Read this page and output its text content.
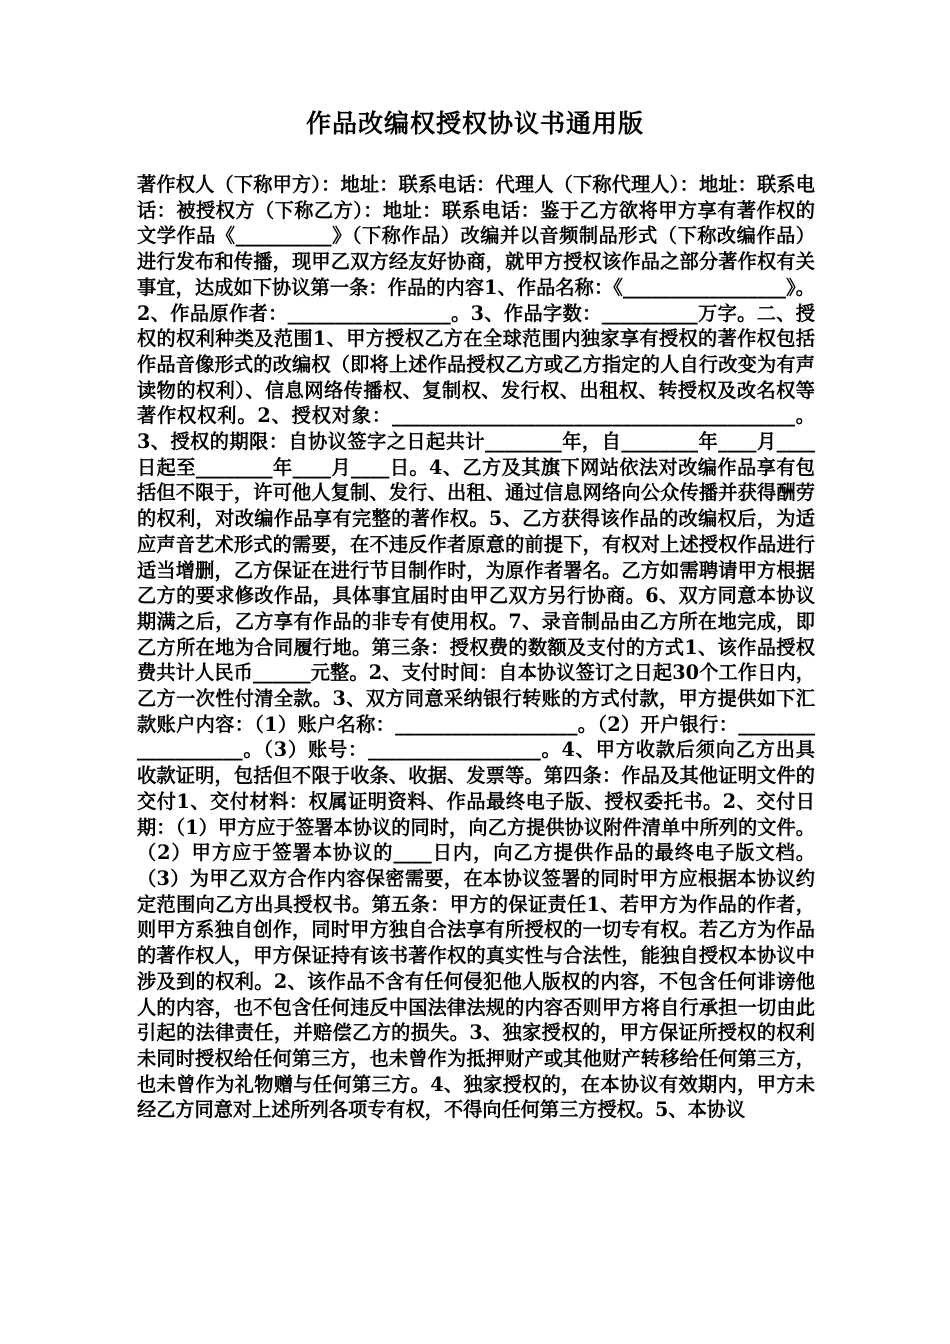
作品改编权授权协议书通用版

著作权人（下称甲方）：地址：联系电话：代理人（下称代理人）：地址：联系电话：被授权方（下称乙方）：地址：联系电话：鉴于乙方欲将甲方享有著作权的文学作品《__________》（下称作品）改编并以音频制品形式（下称改编作品）进行发布和传播，现甲乙双方经友好协商，就甲方授权该作品之部分著作权有关事宜，达成如下协议第一条：作品的内容1、作品名称：《_________________》。2、作品原作者：_________________。3、作品字数：__________万字。二、授权的权利种类及范围1、甲方授权乙方在全球范围内独家享有授权的著作权包括作品音像形式的改编权（即将上述作品授权乙方或乙方指定的人自行改变为有声读物的权利）、信息网络传播权、复制权、发行权、出租权、转授权及改名权等著作权权利。2、授权对象：__________________________________________。3、授权的期限：自协议签字之日起共计________年，自________年____月____日起至________年____月____日。4、乙方及其旗下网站依法对改编作品享有包括但不限于，许可他人复制、发行、出租、通过信息网络向公众传播并获得酬劳的权利，对改编作品享有完整的著作权。5、乙方获得该作品的改编权后，为适应声音艺术形式的需要，在不违反作者原意的前提下，有权对上述授权作品进行适当增删，乙方保证在进行节目制作时，为原作者署名。乙方如需聘请甲方根据乙方的要求修改作品，具体事宜届时由甲乙双方另行协商。6、双方同意本协议期满之后，乙方享有作品的非专有使用权。7、录音制品由乙方所在地完成，即乙方所在地为合同履行地。第三条：授权费的数额及支付的方式1、该作品授权费共计人民币______元整。2、支付时间：自本协议签订之日起30个工作日内，乙方一次性付清全款。3、双方同意采纳银行转账的方式付款，甲方提供如下汇款账户内容：（1）账户名称：___________________。（2）开户银行：___________________。（3）账号：__________________。4、甲方收款后须向乙方出具收款证明，包括但不限于收条、收据、发票等。第四条：作品及其他证明文件的交付1、交付材料：权属证明资料、作品最终电子版、授权委托书。2、交付日期：（1）甲方应于签署本协议的同时，向乙方提供协议附件清单中所列的文件。（2）甲方应于签署本协议的____日内，向乙方提供作品的最终电子版文档。（3）为甲乙双方合作内容保密需要，在本协议签署的同时甲方应根据本协议约定范围向乙方出具授权书。第五条：甲方的保证责任1、若甲方为作品的作者，则甲方系独自创作，同时甲方独自合法享有所授权的一切专有权。若乙方为作品的著作权人，甲方保证持有该书著作权的真实性与合法性，能独自授权本协议中涉及到的权利。2、该作品不含有任何侵犯他人版权的内容，不包含任何诽谤他人的内容，也不包含任何违反中国法律法规的内容否则甲方将自行承担一切由此引起的法律责任，并赔偿乙方的损失。3、独家授权的，甲方保证所授权的权利未同时授权给任何第三方，也未曾作为抵押财产或其他财产转移给任何第三方，也未曾作为礼物赠与任何第三方。4、独家授权的，在本协议有效期内，甲方未经乙方同意对上述所列各项专有权，不得向任何第三方授权。5、本协议
